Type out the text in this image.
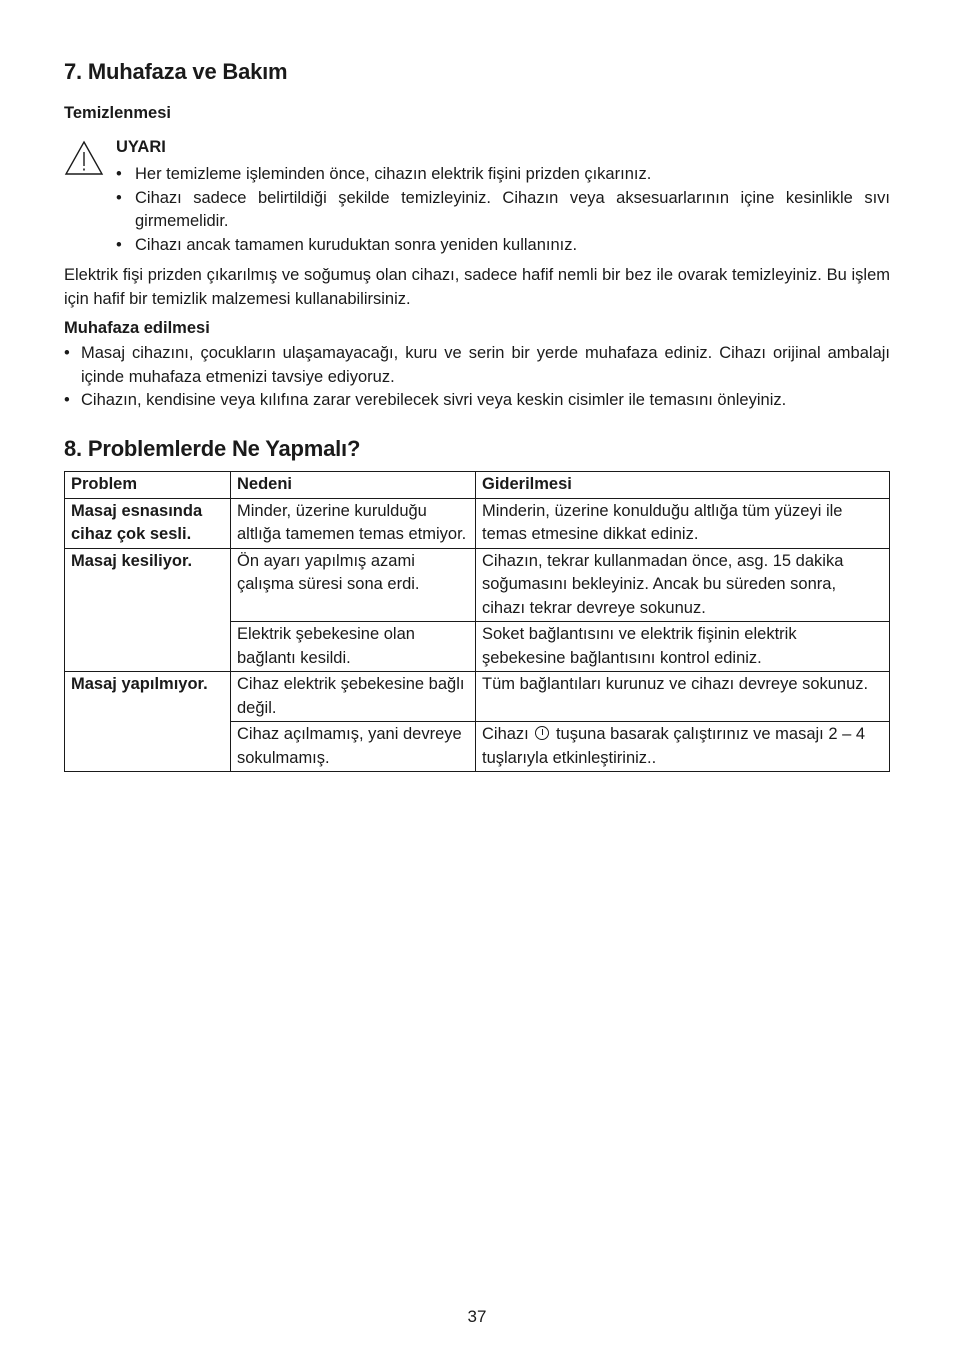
7. Muhafaza ve Bakım
Temizlenmesi
UYARI
• Her temizleme işleminden önce, cihazın elektrik fişini prizden çıkarınız.
• Cihazı sadece belirtildiği şekilde temizleyiniz. Cihazın veya aksesuarlarının içine kesinlikle sıvı girmemelidir.
• Cihazı ancak tamamen kuruduktan sonra yeniden kullanınız.

Elektrik fişi prizden çıkarılmış ve soğumuş olan cihazı, sadece hafif nemli bir bez ile ovarak temizleyiniz. Bu işlem için hafif bir temizlik malzemesi kullanabilirsiniz.

Muhafaza edilmesi
• Masaj cihazını, çocukların ulaşamayacağı, kuru ve serin bir yerde muhafaza ediniz. Cihazı orijinal ambalajı içinde muhafaza etmenizi tavsiye ediyoruz.
• Cihazın, kendisine veya kılıfına zarar verebilecek sivri veya keskin cisimler ile temasını önleyiniz.
8. Problemlerde Ne Yapmalı?
Problem	Nedeni	Giderilmesi
Masaj esnasında cihaz çok sesli.	Minder, üzerine kurulduğu altlığa tamemen temas etmiyor.	Minderin, üzerine konulduğu altlığa tüm yüzeyi ile temas etmesine dikkat ediniz.
Masaj kesiliyor.	Ön ayarı yapılmış azami çalışma süresi sona erdi.	Cihazın, tekrar kullanmadan önce, asg. 15 dakika soğumasını bekleyiniz. Ancak bu süreden sonra, cihazı tekrar devreye sokunuz.
	Elektrik şebekesine olan bağlantı kesildi.	Soket bağlantısını ve elektrik fişinin elektrik şebekesine bağlantısını kontrol ediniz.
Masaj yapılmıyor.	Cihaz elektrik şebekesine bağlı değil.	Tüm bağlantıları kurunuz ve cihazı devreye sokunuz.
	Cihaz açılmamış, yani devreye sokulmamış.	Cihazı tuşuna basarak çalıştırınız ve masajı 2 – 4 tuşlarıyla etkinleştiriniz..
37
